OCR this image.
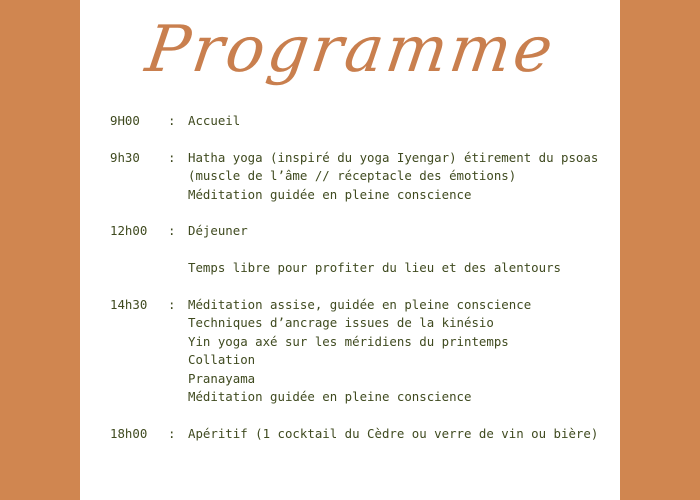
Programme
9H00	:	Accueil
9h30	:	Hatha yoga (inspiré du yoga Iyengar) étirement du psoas
(muscle de l’âme // réceptacle des émotions)
Méditation guidée en pleine conscience
12h00	:	Déjeuner
Temps libre pour profiter du lieu et des alentours
14h30	:	Méditation assise, guidée en pleine conscience
Techniques d’ancrage issues de la kinésio
Yin yoga axé sur les méridiens du printemps
Collation
Pranayama
Méditation guidée en pleine conscience
18h00	:	Apéritif (1 cocktail du Cèdre ou verre de vin ou bière)
